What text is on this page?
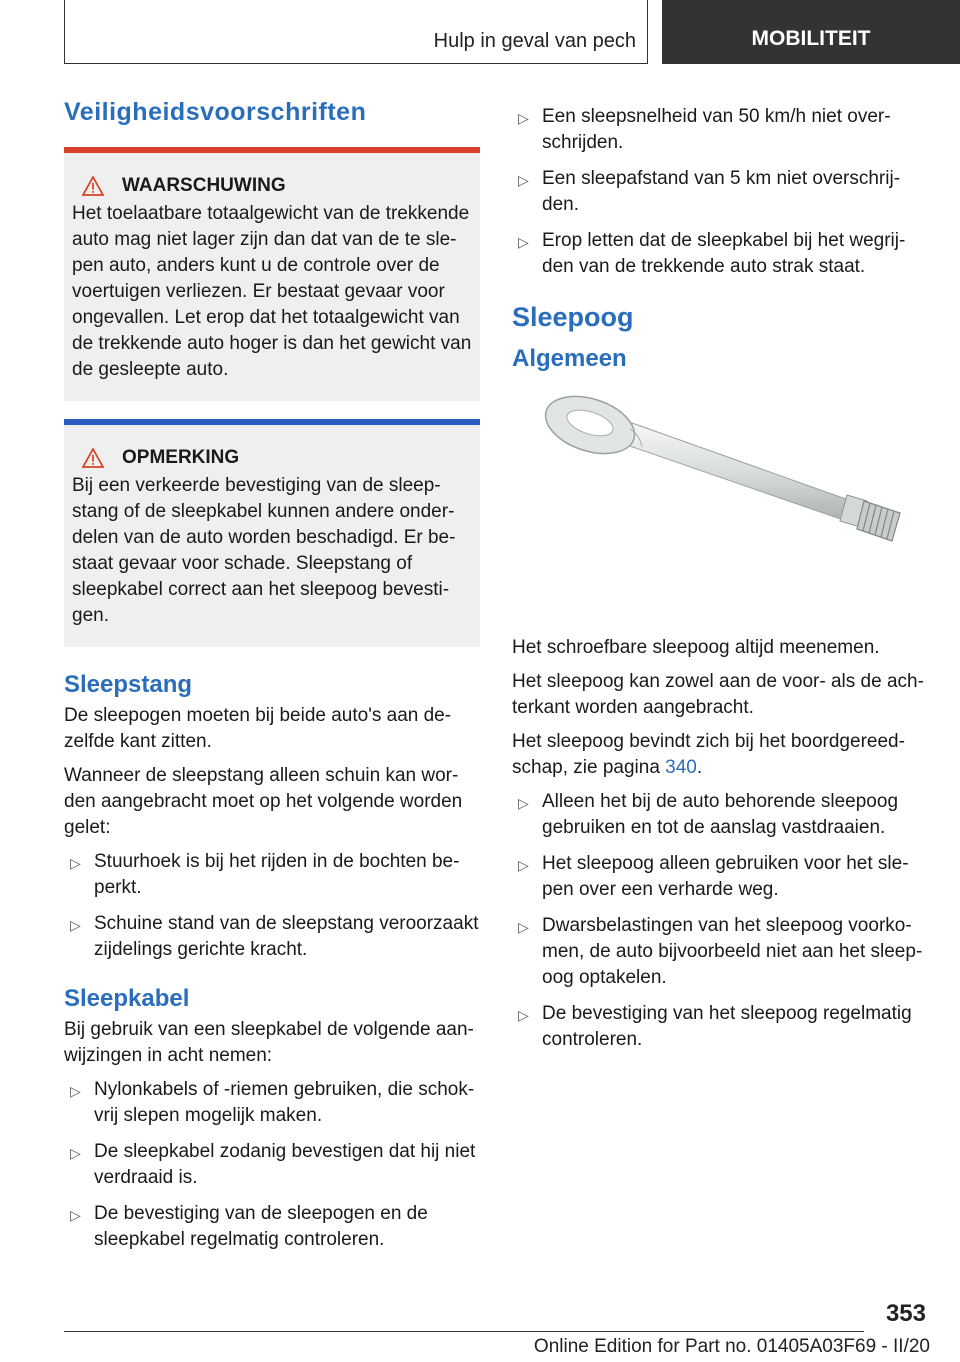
Hulp in geval van pech	MOBILITEIT
Veiligheidsvoorschriften
WAARSCHUWING

Het toelaatbare totaalgewicht van de trekkende auto mag niet lager zijn dan dat van de te slepen auto, anders kunt u de controle over de voertuigen verliezen. Er bestaat gevaar voor ongevallen. Let erop dat het totaalgewicht van de trekkende auto hoger is dan het gewicht van de gesleepte auto.

OPMERKING

Bij een verkeerde bevestiging van de sleepstang of de sleepkabel kunnen andere onderdelen van de auto worden beschadigd. Er bestaat gevaar voor schade. Sleepstang of sleepkabel correct aan het sleepoog bevestigen.

Sleepstang

De sleepogen moeten bij beide auto's aan dezelfde kant zitten.

Wanneer de sleepstang alleen schuin kan worden aangebracht moet op het volgende worden gelet:

▷ Stuurhoek is bij het rijden in de bochten beperkt.
▷ Schuine stand van de sleepstang veroorzaakt zijdelings gerichte kracht.
Sleepkabel

Bij gebruik van een sleepkabel de volgende aanwijzingen in acht nemen:

▷ Nylonkabels of -riemen gebruiken, die schokvrij slepen mogelijk maken.
▷ De sleepkabel zodanig bevestigen dat hij niet verdraaid is.
▷ De bevestiging van de sleepogen en de sleepkabel regelmatig controleren.
▷ Een sleepsnelheid van 50 km/h niet overschrijden.
▷ Een sleepafstand van 5 km niet overschrijden.
▷ Erop letten dat de sleepkabel bij het wegrijden van de trekkende auto strak staat.
Sleepoog
Algemeen

Het schroefbare sleepoog altijd meenemen.

Het sleepoog kan zowel aan de voor- als de achterkant worden aangebracht.

Het sleepoog bevindt zich bij het boordgereedschap, zie pagina 340.

▷ Alleen het bij de auto behorende sleepoog gebruiken en tot de aanslag vastdraaien.
▷ Het sleepoog alleen gebruiken voor het slepen over een verharde weg.
▷ Dwarsbelastingen van het sleepoog voorkomen, de auto bijvoorbeeld niet aan het sleepoog optakelen.
▷ De bevestiging van het sleepoog regelmatig controleren.
353
Online Edition for Part no. 01405A03F69 - II/20
